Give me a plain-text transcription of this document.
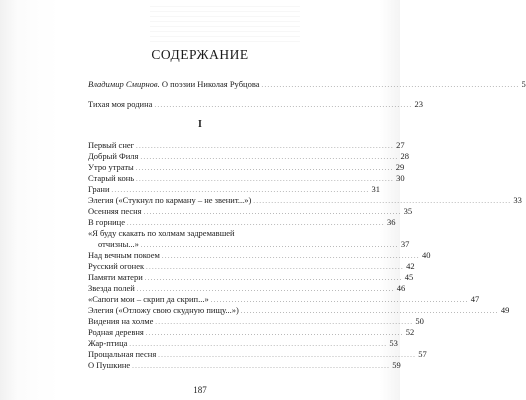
СОДЕРЖАНИЕ
Владимир Смирнов. О поэзии Николая Рубцова ...................................................................................... 5
Тихая моя родина ...................................................................................... 23
I
Первый снег ...................................................................................... 27
Добрый Филя ...................................................................................... 28
Утро утраты ...................................................................................... 29
Старый конь ...................................................................................... 30
Грани ...................................................................................... 31
Элегия («Стукнул по карману – не звенит...») ...................................................................................... 33
Осенняя песня ...................................................................................... 35
В горнице ...................................................................................... 36
«Я буду скакать по холмам задремавшей
отчизны...» ...................................................................................... 37
Над вечным покоем ...................................................................................... 40
Русский огонек ...................................................................................... 42
Памяти матери ...................................................................................... 45
Звезда полей ...................................................................................... 46
«Сапоги мои – скрип да скрип...» ...................................................................................... 47
Элегия («Отложу свою скудную пищу...») ...................................................................................... 49
Видения на холме ...................................................................................... 50
Родная деревня ...................................................................................... 52
Жар-птица ...................................................................................... 53
Прощальная песня ...................................................................................... 57
О Пушкине ...................................................................................... 59
187
